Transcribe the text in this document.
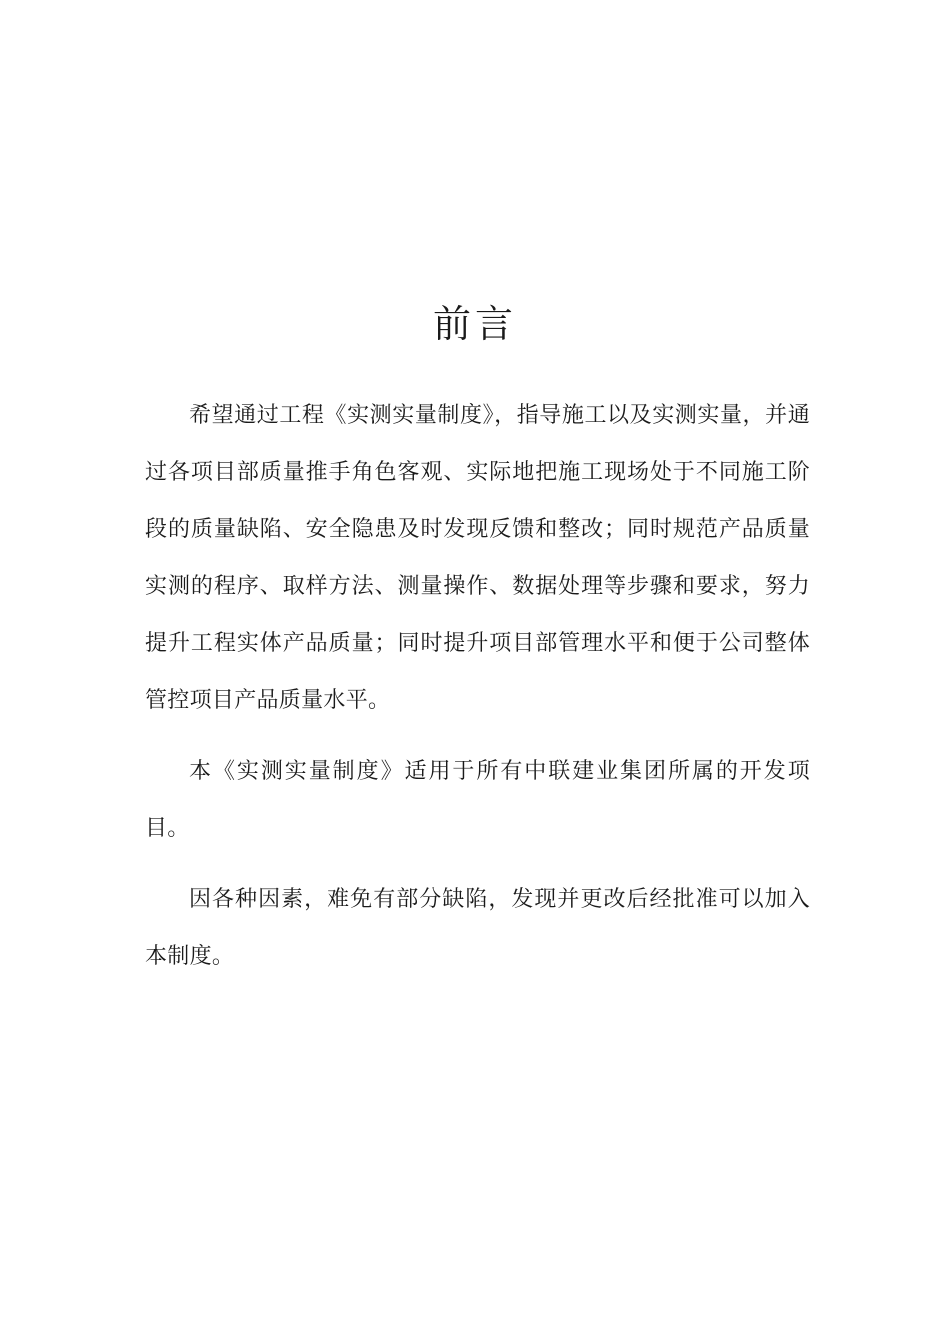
前言

希望通过工程《实测实量制度》，指导施工以及实测实量，并通过各项目部质量推手角色客观、实际地把施工现场处于不同施工阶段的质量缺陷、安全隐患及时发现反馈和整改；同时规范产品质量实测的程序、取样方法、测量操作、数据处理等步骤和要求，努力提升工程实体产品质量；同时提升项目部管理水平和便于公司整体管控项目产品质量水平。

本《实测实量制度》适用于所有中联建业集团所属的开发项目。

因各种因素，难免有部分缺陷，发现并更改后经批准可以加入本制度。
